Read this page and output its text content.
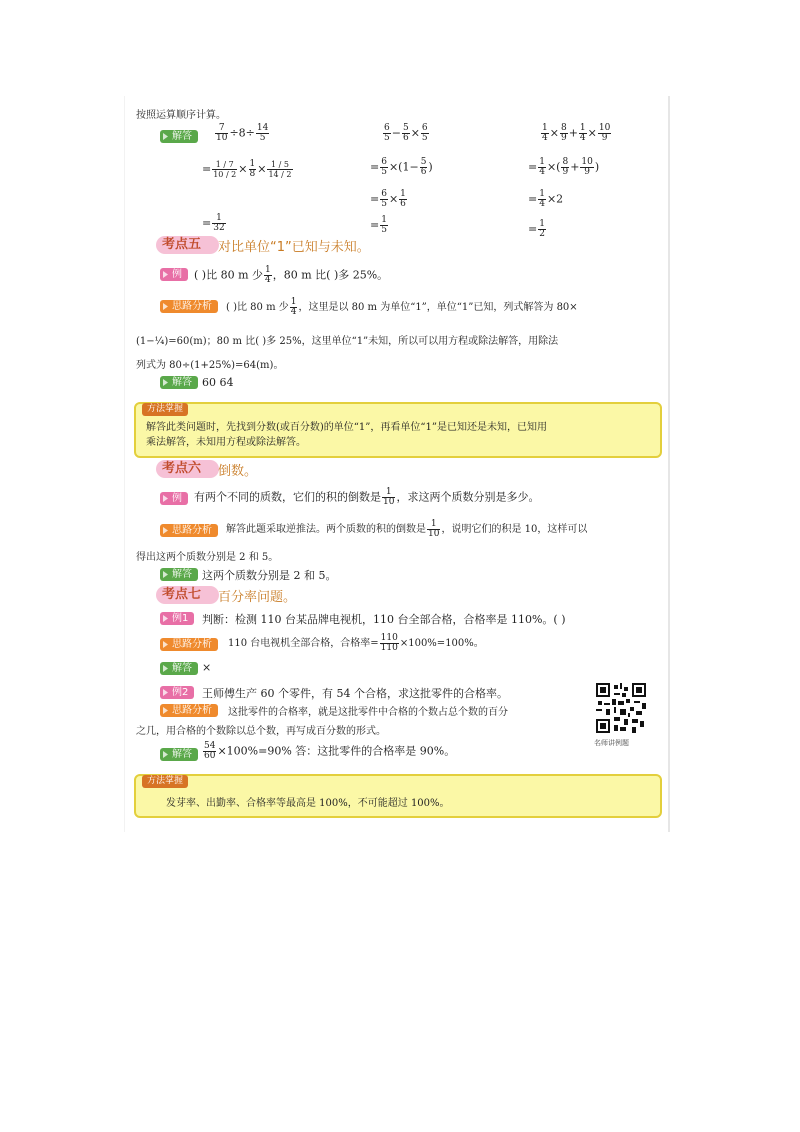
按照运算顺序计算。
解答	$\frac{7}{10} \div 8\div \frac{14}{5}$
= $\frac{1 / 7}{10 / 2} \times \frac{1}{8} \times \frac{1 / 5}{14 / 2}$
= $\frac{1}{32}$
$\frac{6}{5} - \frac{5}{6} \times \frac{6}{5}$
= $\frac{6}{5} \times(1- \frac{5}{6}$ )
= $\frac{6}{5} \times \frac{1}{6}$
= $\frac{1}{5}$
$\frac{1}{4} \times \frac{8}{9} + \frac{1}{4} \times \frac{10}{9}$
= $\frac{1}{4}$ ×( $\frac{8}{9} + \frac{10}{9}$ )
= $\frac{1}{4} \times 2$
= $\frac{1}{2}$
考点五	对比单位“1”已知与未知。
例	( )比 80 m 少 $\frac{1}{4}$ ，80 m 比( )多 25%。
思路分析	( )比 80 m 少 $\frac{1}{4}$ ，这里是以 80 m 为单位“1”，单位“1”已知，列式解答为 80×
(1−¼)=60(m)；80 m 比( )多 25%，这里单位“1”未知，所以可以用方程或除法解答，用除法
列式为 80÷(1+25%)=64(m)。
解答 60 64
方法掌握
解答此类问题时，先找到分数(或百分数)的单位“1”，再看单位“1”是已知还是未知，已知用
乘法解答，未知用方程或除法解答。
考点六	倒数。
例	有两个不同的质数，它们的积的倒数是 $\frac{1}{10}$ ，求这两个质数分别是多少。
思路分析	解答此题采取逆推法。两个质数的积的倒数是 $\frac{1}{10}$ ，说明它们的积是 10，这样可以
得出这两个质数分别是 2 和 5。
解答 这两个质数分别是 2 和 5。
考点七	百分率问题。
例1	判断：检测 110 台某品牌电视机，110 台全部合格，合格率是 110%。( )
思路分析	110 台电视机全部合格，合格率= $\frac{110}{110} \times 100\%=100\%$。
解答 ×
例2	王师傅生产 60 个零件，有 54 个合格，求这批零件的合格率。
思路分析	这批零件的合格率，就是这批零件中合格的个数占总个数的百分
之几，用合格的个数除以总个数，再写成百分数的形式。
解答	$\frac{54}{60} \times 100\%=90\%$ 答：这批零件的合格率是 90%。
名师讲例题
方法掌握
发芽率、出勤率、合格率等最高是 100%，不可能超过 100%。
